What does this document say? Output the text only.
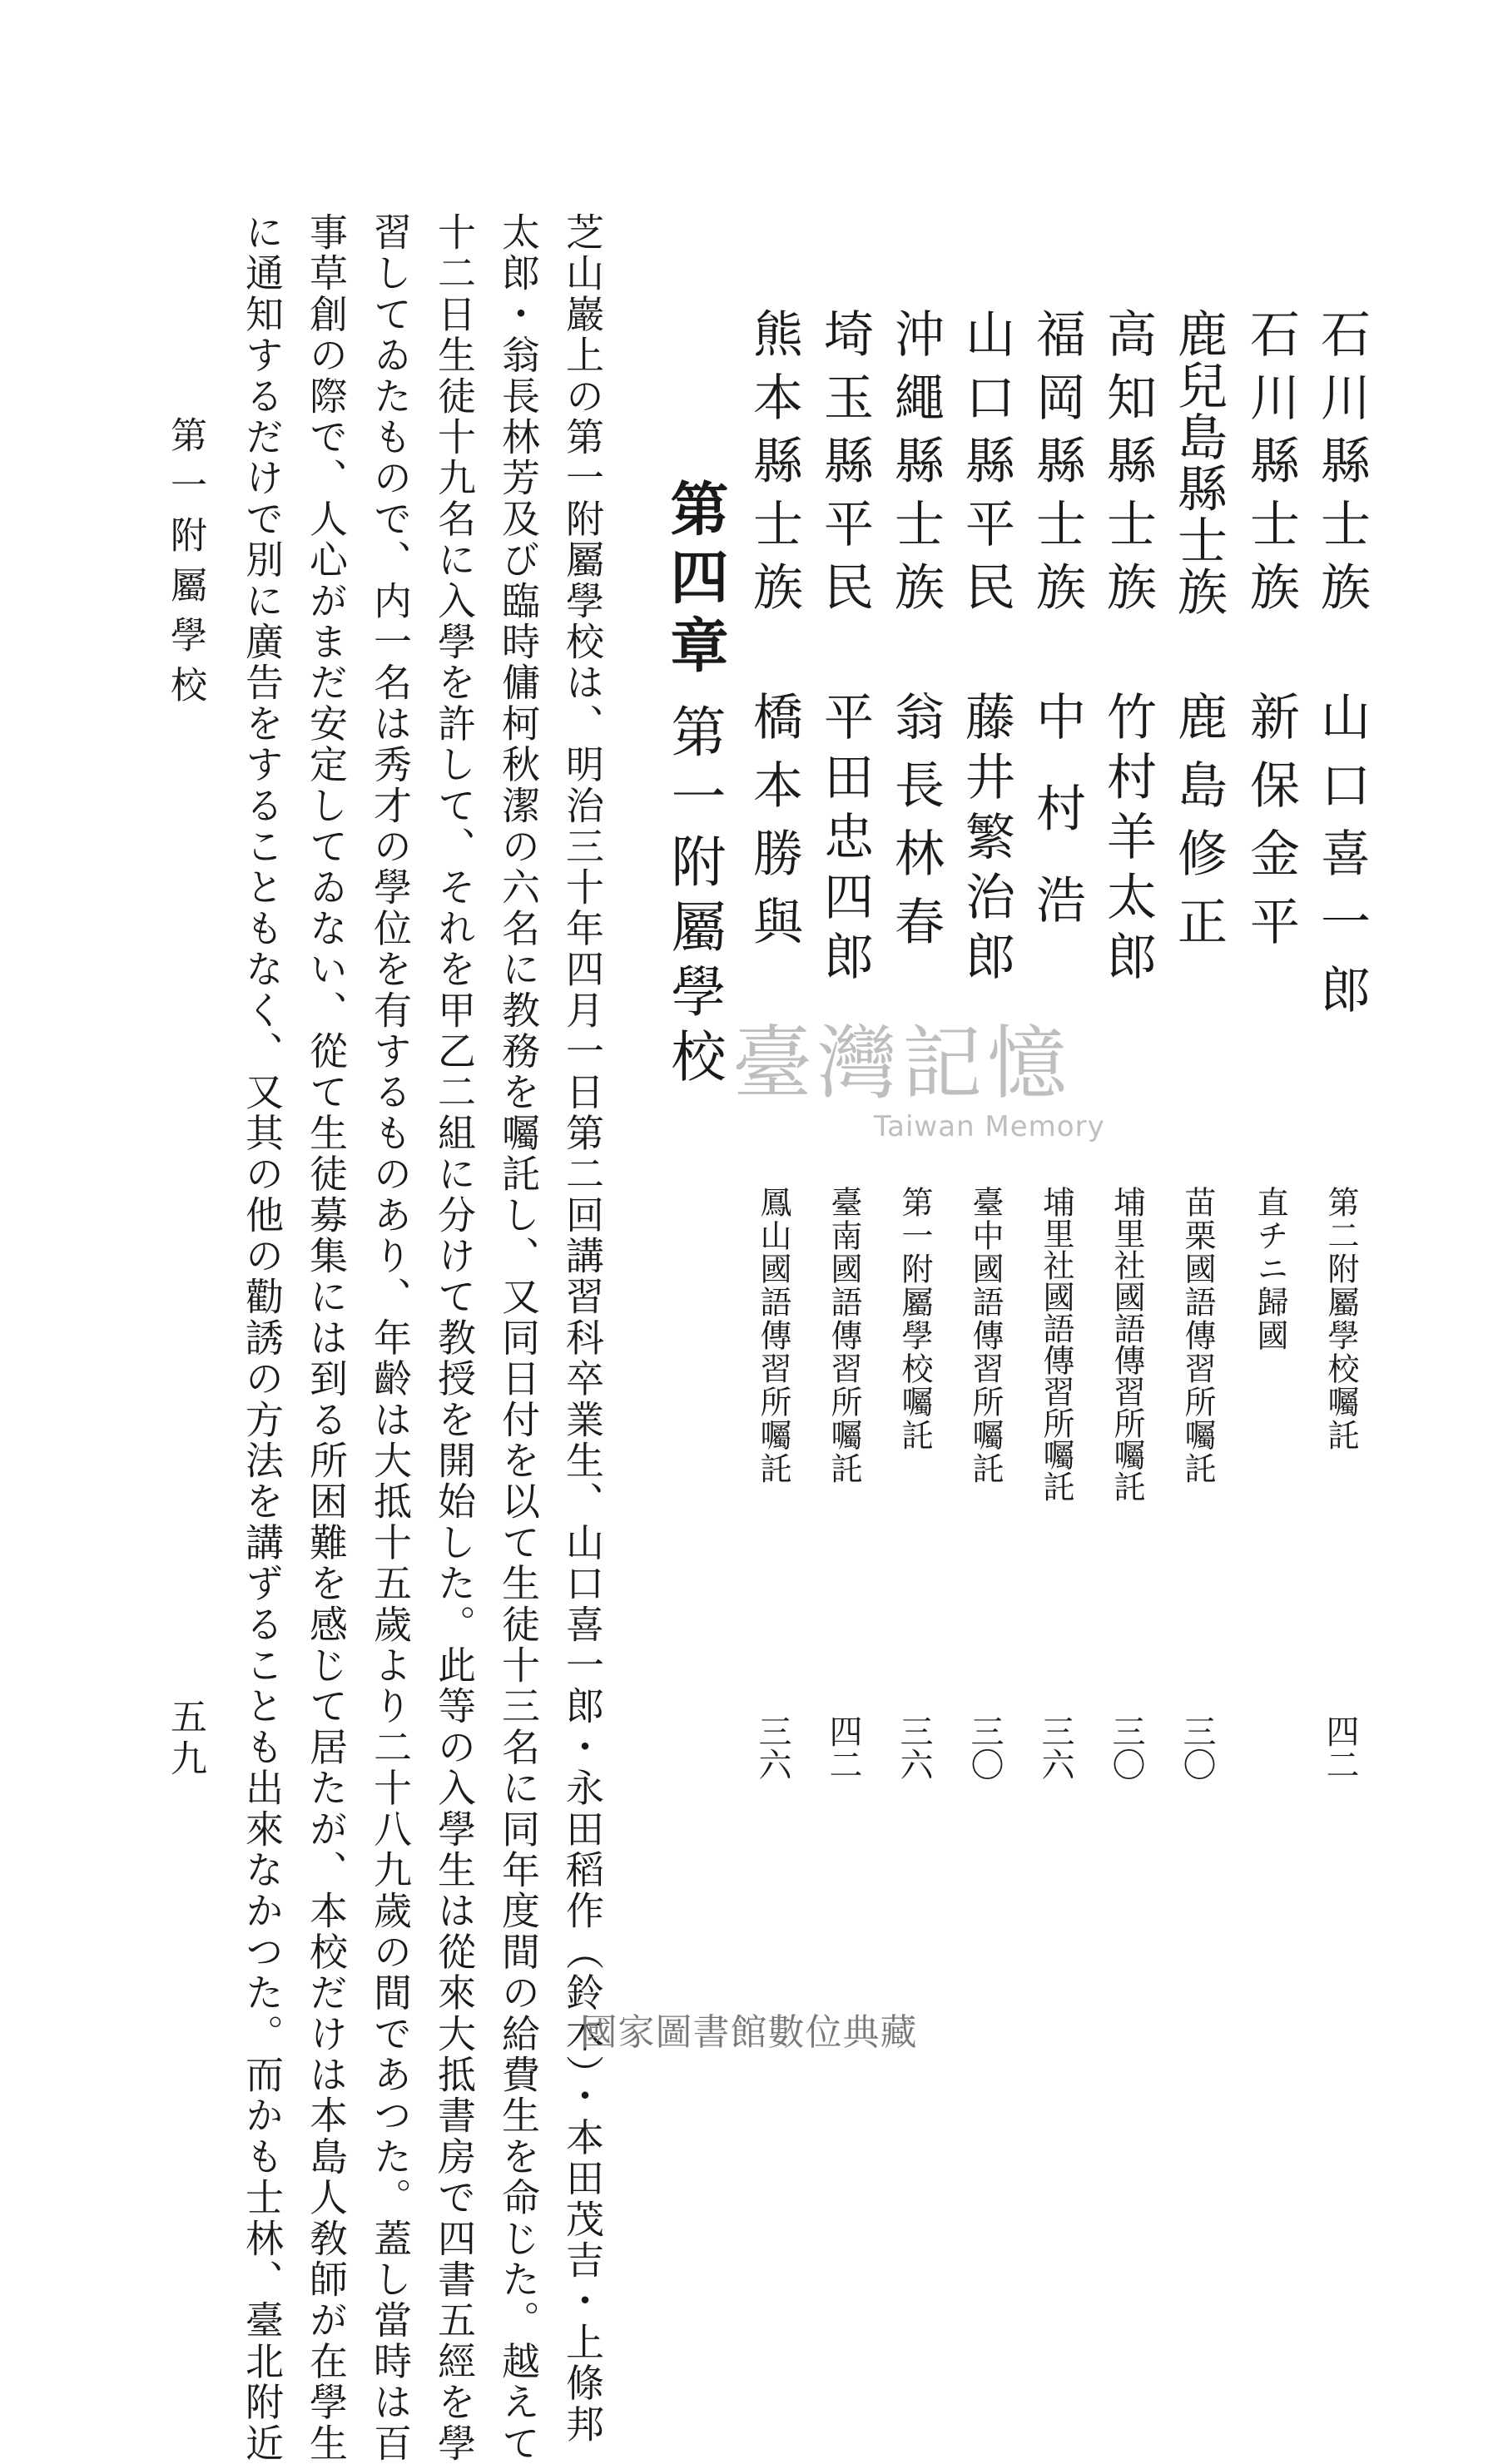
石川縣士族
山口喜一郎
第二附屬學校囑託
四二
石川縣士族
新保金平
直チニ歸國
鹿兒島縣士族
鹿島修正
苗栗國語傳習所囑託
三〇
高知縣士族
竹村羊太郎
埔里社國語傳習所囑託
三〇
福岡縣士族
中村浩
埔里社國語傳習所囑託
三六
山口縣平民
藤井繁治郎
臺中國語傳習所囑託
三〇
沖繩縣士族
翁長林春
第一附屬學校囑託
三六
埼玉縣平民
平田忠四郎
臺南國語傳習所囑託
四二
熊本縣士族
橋本勝與
鳳山國語傳習所囑託
三六
第四章
第一附屬學校
芝山巖上の第一附屬學校は、明治三十年四月一日第二回講習科卒業生、山口喜一郎・永田稻作（鈴木）・本田茂吉・上條邦
太郎・翁長林芳及び臨時傭柯秋潔の六名に教務を囑託し、又同日付を以て生徒十三名に同年度間の給費生を命じた。越えて
十二日生徒十九名に入學を許して、それを甲乙二組に分けて教授を開始した。此等の入學生は從來大抵書房で四書五經を學
習してゐたもので、内一名は秀才の學位を有するものあり、年齡は大抵十五歲より二十八九歲の間であつた。蓋し當時は百
事草創の際で、人心がまだ安定してゐない、從て生徒募集には到る所困難を感じて居たが、本校だけは本島人敎師が在學生
に通知するだけで別に廣告をすることもなく、又其の他の勸誘の方法を講ずることも出來なかつた。而かも士林、臺北附近
第一附屬學校
五九
臺灣記憶
Taiwan Memory
國家圖書館數位典藏
